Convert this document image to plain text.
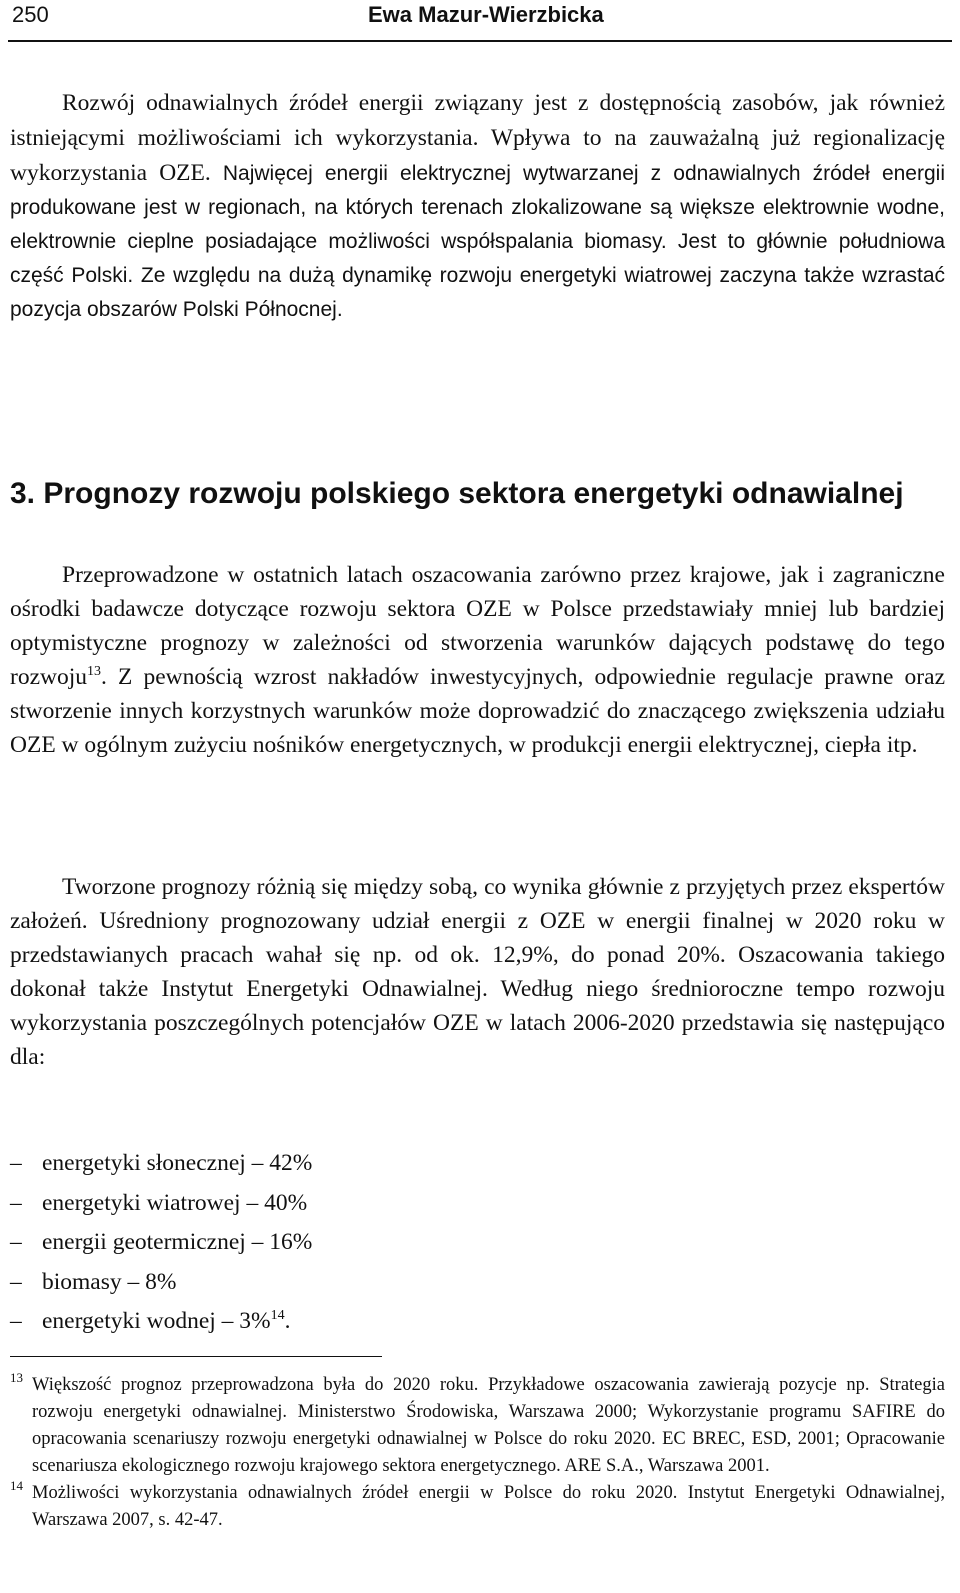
250	Ewa Mazur-Wierzbicka

Rozwój odnawialnych źródeł energii związany jest z dostępnością zasobów, jak również istniejącymi możliwościami ich wykorzystania. Wpływa to na zauważalną już regionalizację wykorzystania OZE. Najwięcej energii elektrycznej wytwarzanej z odnawialnych źródeł energii produkowane jest w regionach, na których terenach zlokalizowane są większe elektrownie wodne, elektrownie cieplne posiadające możliwości współspalania biomasy. Jest to głównie południowa część Polski. Ze względu na dużą dynamikę rozwoju energetyki wiatrowej zaczyna także wzrastać pozycja obszarów Polski Północnej.

3. Prognozy rozwoju polskiego sektora energetyki odnawialnej

Przeprowadzone w ostatnich latach oszacowania zarówno przez krajowe, jak i zagraniczne ośrodki badawcze dotyczące rozwoju sektora OZE w Polsce przedstawiały mniej lub bardziej optymistyczne prognozy w zależności od stworzenia warunków dających podstawę do tego rozwoju$^{13}$. Z pewnością wzrost nakładów inwestycyjnych, odpowiednie regulacje prawne oraz stworzenie innych korzystnych warunków może doprowadzić do znaczącego zwiększenia udziału OZE w ogólnym zużyciu nośników energetycznych, w produkcji energii elektrycznej, ciepła itp.

Tworzone prognozy różnią się między sobą, co wynika głównie z przyjętych przez ekspertów założeń. Uśredniony prognozowany udział energii z OZE w energii finalnej w 2020 roku w przedstawianych pracach wahał się np. od ok. 12,9%, do ponad 20%. Oszacowania takiego dokonał także Instytut Energetyki Odnawialnej. Według niego średnioroczne tempo rozwoju wykorzystania poszczególnych potencjałów OZE w latach 2006-2020 przedstawia się następująco dla:

– energetyki słonecznej – 42%
– energetyki wiatrowej – 40%
– energii geotermicznej – 16%
– biomasy – 8%
– energetyki wodnej – 3%$^{14}$.

13 Większość prognoz przeprowadzona była do 2020 roku. Przykładowe oszacowania zawierają pozycje np. Strategia rozwoju energetyki odnawialnej. Ministerstwo Środowiska, Warszawa 2000; Wykorzystanie programu SAFIRE do opracowania scenariuszy rozwoju energetyki odnawialnej w Polsce do roku 2020. EC BREC, ESD, 2001; Opracowanie scenariusza ekologicznego rozwoju krajowego sektora energetycznego. ARE S.A., Warszawa 2001.

14 Możliwości wykorzystania odnawialnych źródeł energii w Polsce do roku 2020. Instytut Energetyki Odnawialnej, Warszawa 2007, s. 42-47.
